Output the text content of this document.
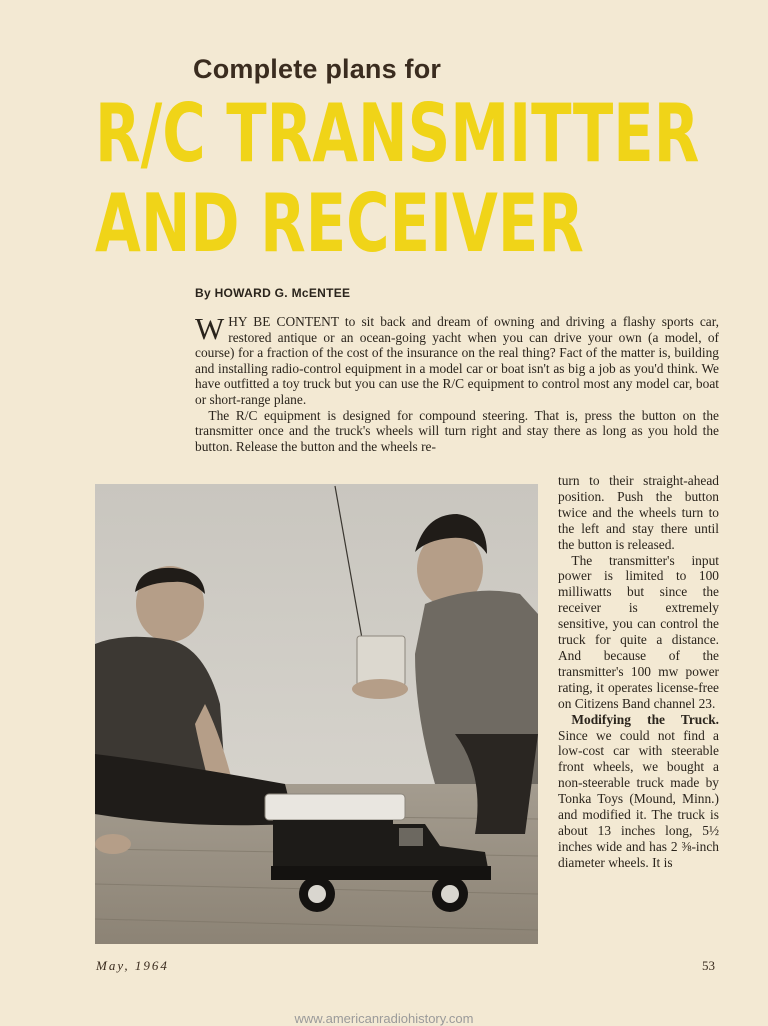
Complete plans for
R/C TRANSMITTER
AND RECEIVER
By HOWARD G. McENTEE

WHY BE CONTENT to sit back and dream of owning and driving a flashy sports car, restored antique or an ocean-going yacht when you can drive your own (a model, of course) for a fraction of the cost of the insurance on the real thing? Fact of the matter is, building and installing radio-control equipment in a model car or boat isn't as big a job as you'd think. We have outfitted a toy truck but you can use the R/C equipment to control most any model car, boat or short-range plane.

The R/C equipment is designed for compound steering. That is, press the button on the transmitter once and the truck's wheels will turn right and stay there as long as you hold the button. Release the button and the wheels re-

turn to their straight-ahead position. Push the button twice and the wheels turn to the left and stay there until the button is released.

The transmitter's input power is limited to 100 milliwatts but since the receiver is extremely sensitive, you can control the truck for quite a distance. And because of the transmitter's 100 mw power rating, it operates license-free on Citizens Band channel 23.

Modifying the Truck. Since we could not find a low-cost car with steerable front wheels, we bought a non-steerable truck made by Tonka Toys (Mound, Minn.) and modified it. The truck is about 13 inches long, 5½ inches wide and has 2 ⅜-inch diameter wheels. It is

May, 1964	53
www.americanradiohistory.com
